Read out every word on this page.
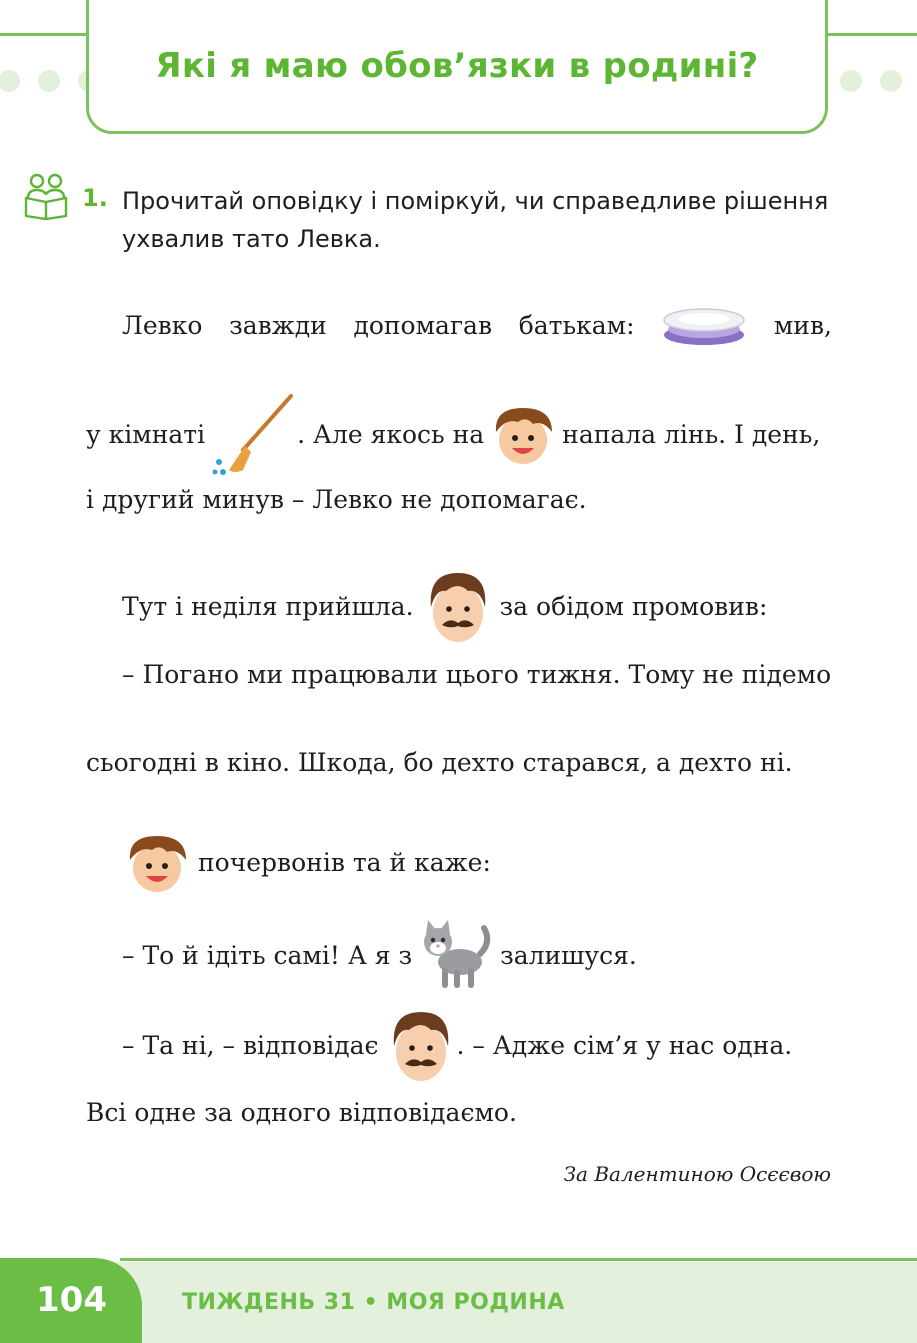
Які я маю обов’язки в родині?
1. Прочитай оповідку і поміркуй, чи справедливе рішення ухвалив тато Левка.
Левко завжди допомагав батькам:	мив,
у кімнаті	. Але якось на	напала лінь. І день,
і другий минув – Левко не допомагає.
Тут і неділя прийшла.	за обідом промовив:
– Погано ми працювали цього тижня. Тому не підемо
сьогодні в кіно. Шкода, бо дехто старався, а дехто ні.
почервонів та й каже:
– То й ідіть самі! А я з	залишуся.
– Та ні, – відповідає	. – Адже сім’я у нас одна.
Всі одне за одного відповідаємо.
За Валентиною Осєєвою
104	ТИЖДЕНЬ 31 • МОЯ РОДИНА
